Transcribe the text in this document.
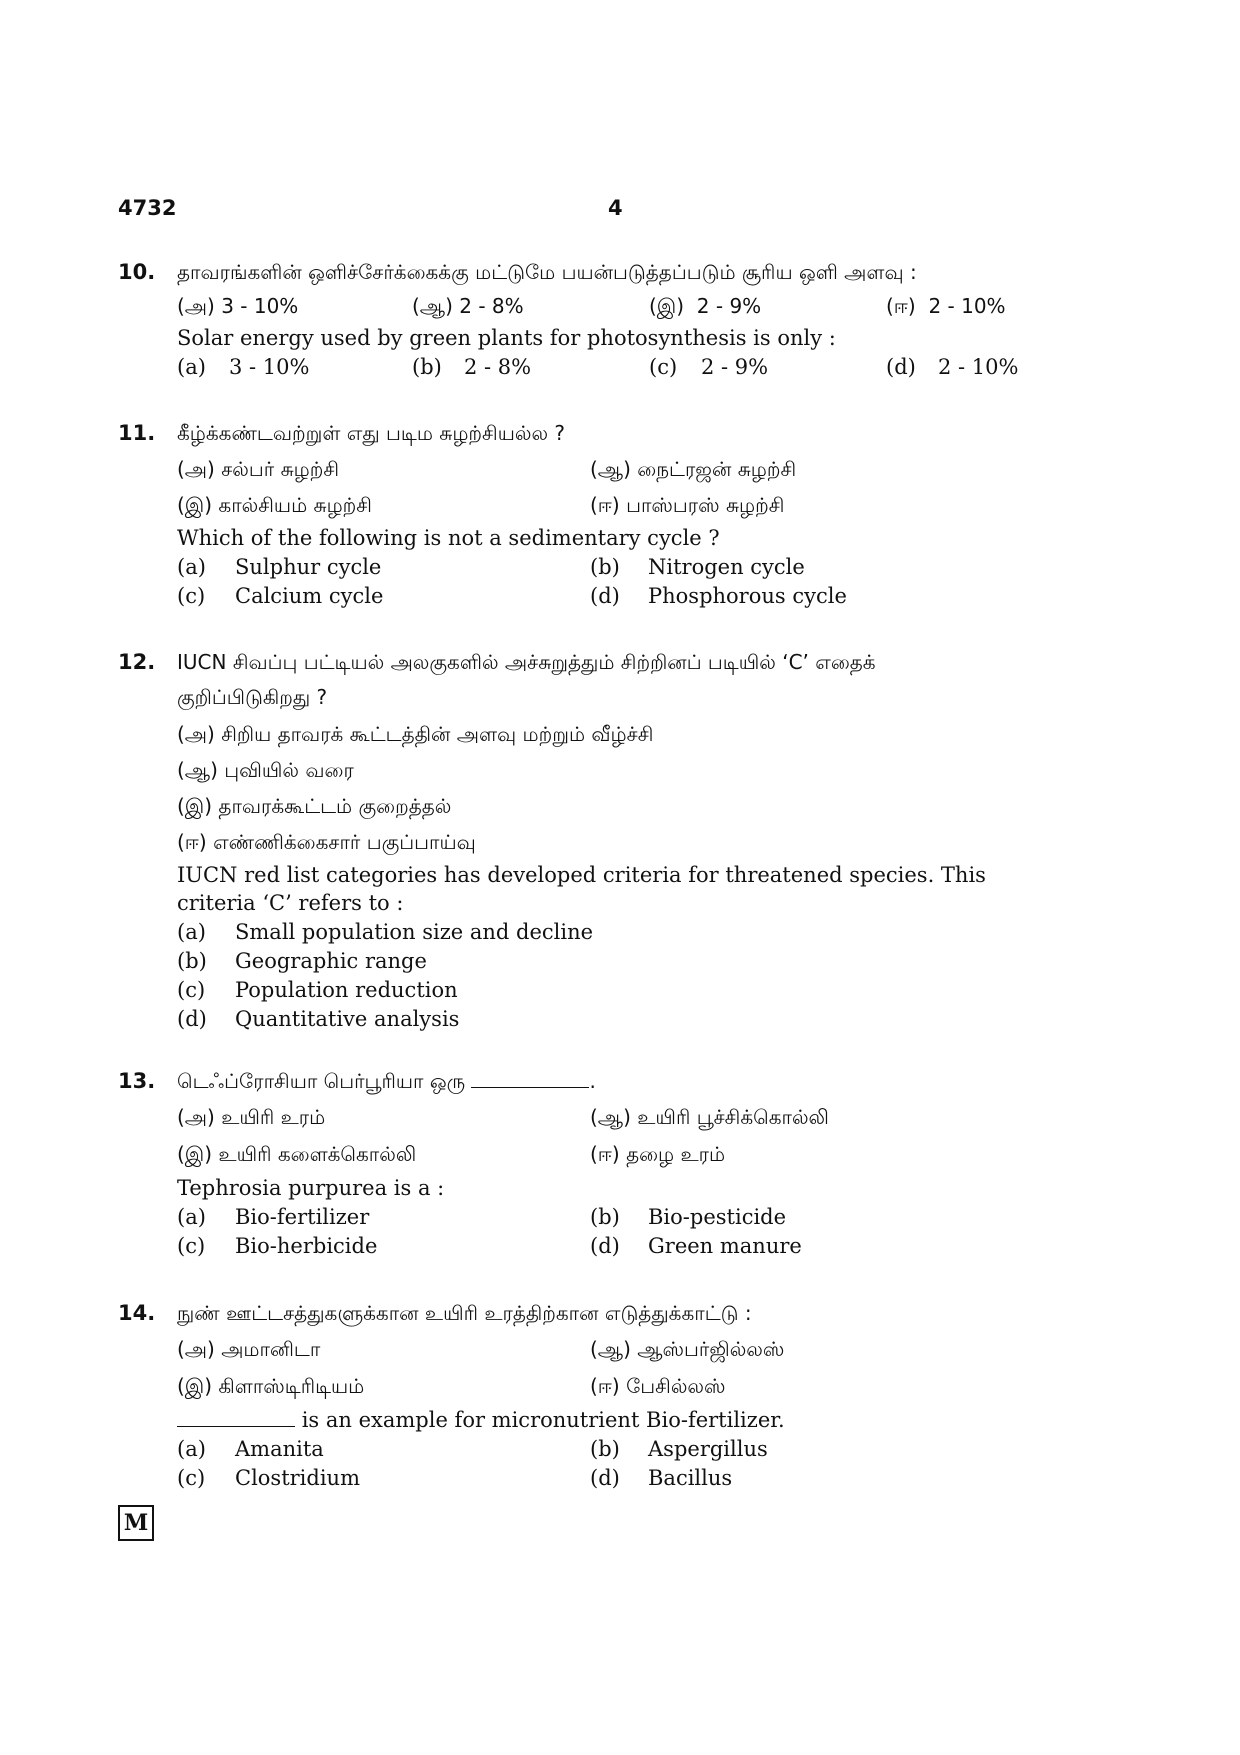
4732	4
10. தாவரங்களின் ஒளிச்சேர்க்கைக்கு மட்டுமே பயன்படுத்தப்படும் சூரிய ஒளி அளவு :
(அ) 3 - 10%	(ஆ) 2 - 8%	(இ) 2 - 9%	(ஈ) 2 - 10%
Solar energy used by green plants for photosynthesis is only :
(a) 3 - 10%	(b) 2 - 8%	(c) 2 - 9%	(d) 2 - 10%
11. கீழ்க்கண்டவற்றுள் எது படிம சுழற்சியல்ல ?
(அ) சல்பர் சுழற்சி	(ஆ) நைட்ரஜன் சுழற்சி
(இ) கால்சியம் சுழற்சி	(ஈ) பாஸ்பரஸ் சுழற்சி
Which of the following is not a sedimentary cycle ?
(a) Sulphur cycle	(b) Nitrogen cycle
(c) Calcium cycle	(d) Phosphorous cycle
12. IUCN சிவப்பு பட்டியல் அலகுகளில் அச்சுறுத்தும் சிற்றினப் படியில் ‘C’ எதைக்
குறிப்பிடுகிறது ?
(அ) சிறிய தாவரக் கூட்டத்தின் அளவு மற்றும் வீழ்ச்சி
(ஆ) புவியில் வரை
(இ) தாவரக்கூட்டம் குறைத்தல்
(ஈ) எண்ணிக்கைசார் பகுப்பாய்வு
IUCN red list categories has developed criteria for threatened species. This
criteria ‘C’ refers to :
(a) Small population size and decline
(b) Geographic range
(c) Population reduction
(d) Quantitative analysis
13. டெஃப்ரோசியா பெர்பூரியா ஒரு	.
(அ) உயிரி உரம்	(ஆ) உயிரி பூச்சிக்கொல்லி
(இ) உயிரி களைக்கொல்லி	(ஈ) தழை உரம்
Tephrosia purpurea is a :
(a) Bio-fertilizer	(b) Bio-pesticide
(c) Bio-herbicide	(d) Green manure
14. நுண் ஊட்டசத்துகளுக்கான உயிரி உரத்திற்கான எடுத்துக்காட்டு :
(அ) அமானிடா	(ஆ) ஆஸ்பர்ஜில்லஸ்
(இ) கிளாஸ்டிரிடியம்	(ஈ) பேசில்லஸ்
is an example for micronutrient Bio-fertilizer.
(a) Amanita	(b) Aspergillus
(c) Clostridium	(d) Bacillus
M
